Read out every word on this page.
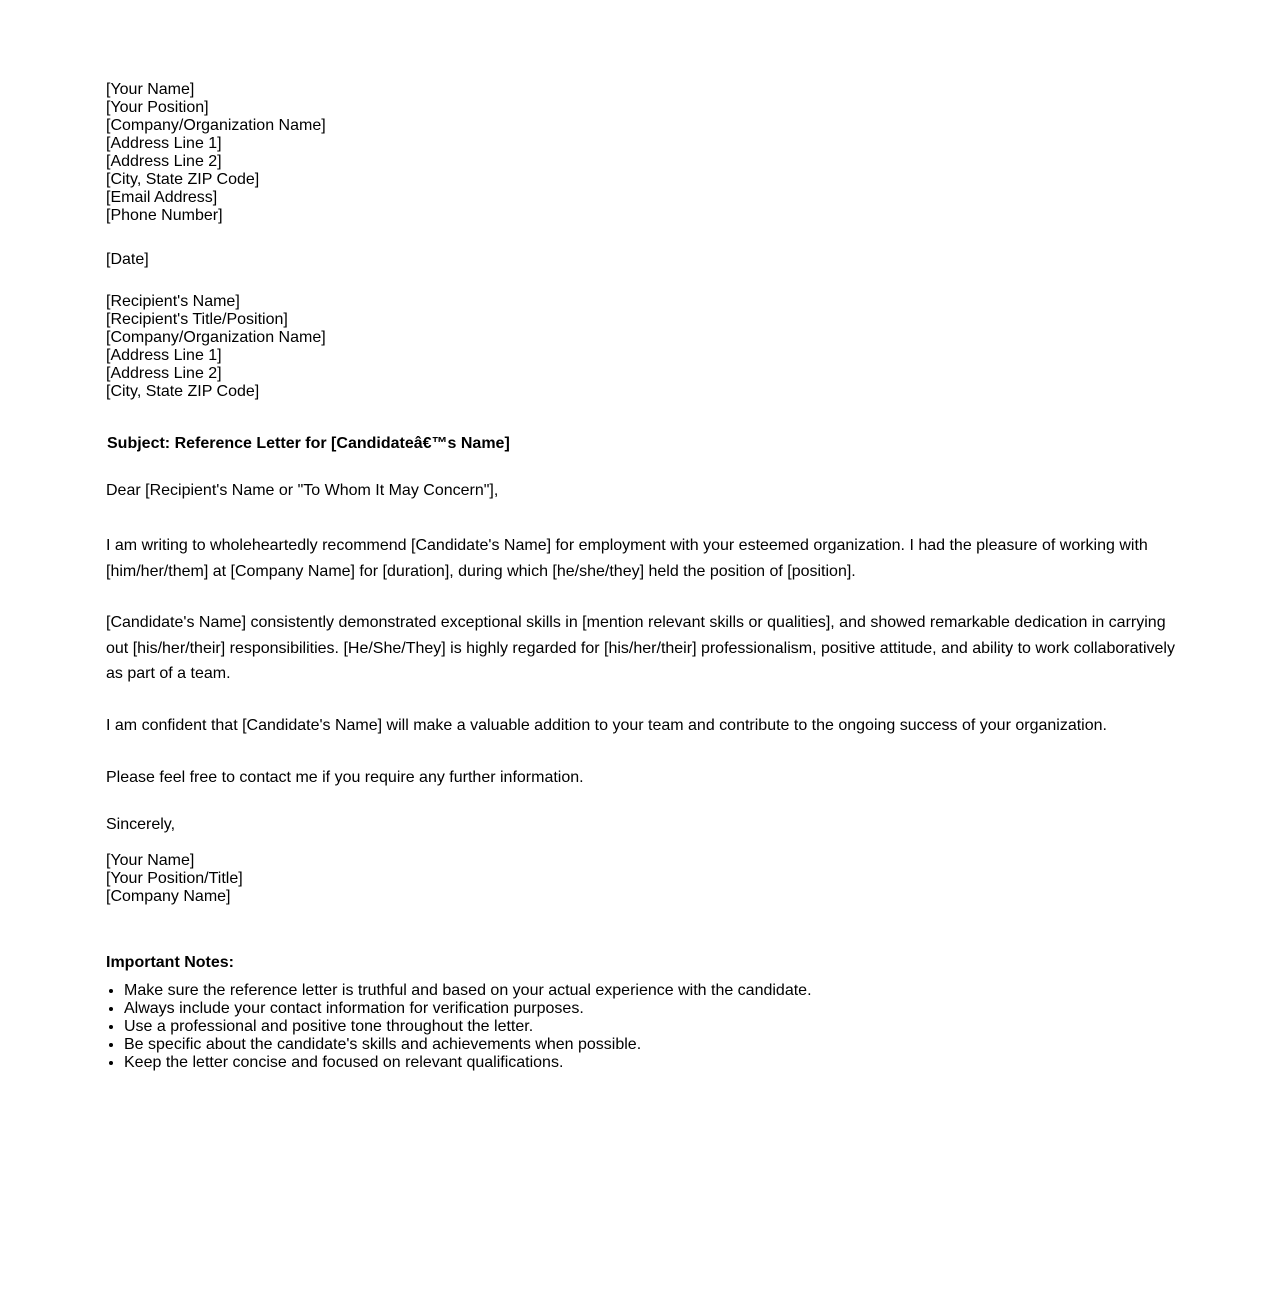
[Your Name]
[Your Position]
[Company/Organization Name]
[Address Line 1]
[Address Line 2]
[City, State ZIP Code]
[Email Address]
[Phone Number]
[Date]
[Recipient's Name]
[Recipient's Title/Position]
[Company/Organization Name]
[Address Line 1]
[Address Line 2]
[City, State ZIP Code]
Subject: Reference Letter for [Candidateâ€™s Name]
Dear [Recipient's Name or "To Whom It May Concern"],
I am writing to wholeheartedly recommend [Candidate's Name] for employment with your esteemed organization. I had the pleasure of working with [him/her/them] at [Company Name] for [duration], during which [he/she/they] held the position of [position].
[Candidate's Name] consistently demonstrated exceptional skills in [mention relevant skills or qualities], and showed remarkable dedication in carrying out [his/her/their] responsibilities. [He/She/They] is highly regarded for [his/her/their] professionalism, positive attitude, and ability to work collaboratively as part of a team.
I am confident that [Candidate's Name] will make a valuable addition to your team and contribute to the ongoing success of your organization.
Please feel free to contact me if you require any further information.
Sincerely,
[Your Name]
[Your Position/Title]
[Company Name]
Important Notes:
• Make sure the reference letter is truthful and based on your actual experience with the candidate.
• Always include your contact information for verification purposes.
• Use a professional and positive tone throughout the letter.
• Be specific about the candidate's skills and achievements when possible.
• Keep the letter concise and focused on relevant qualifications.
